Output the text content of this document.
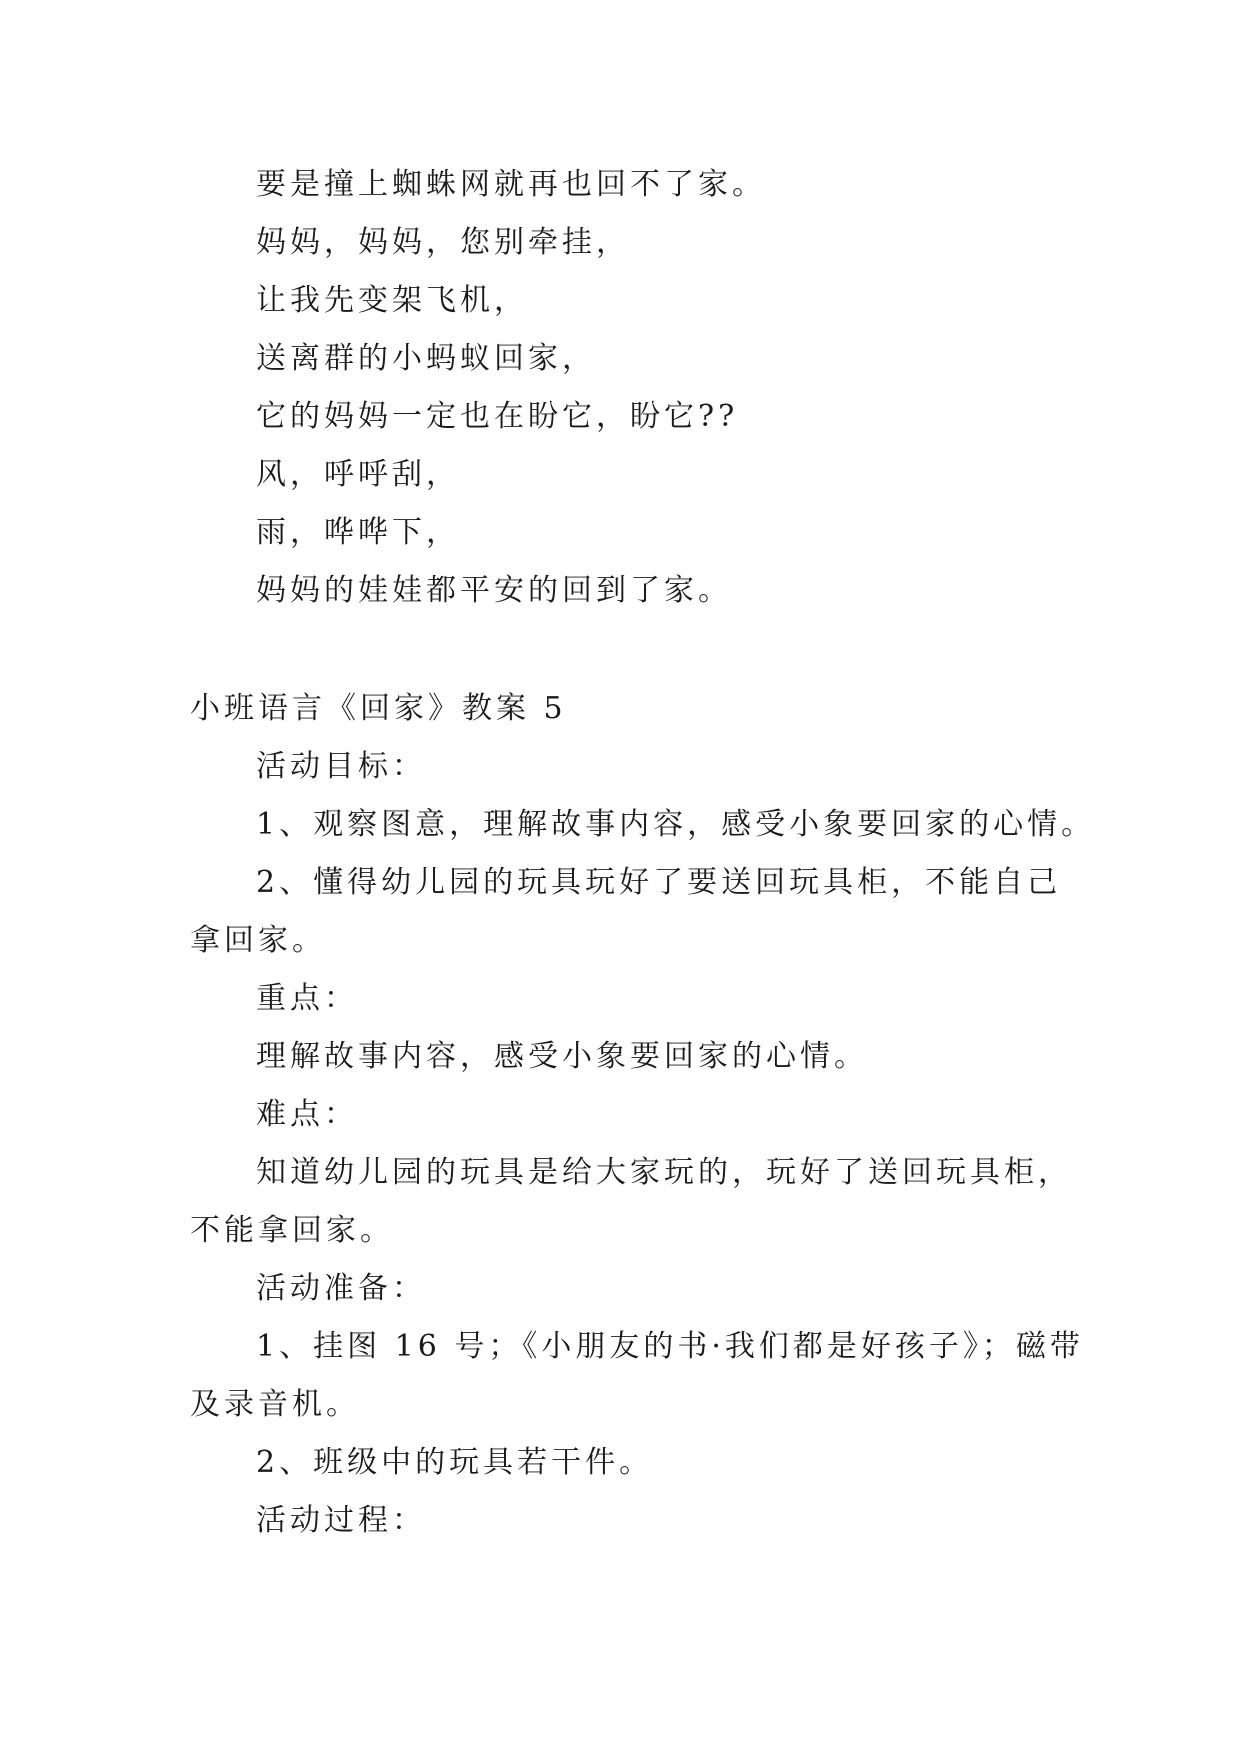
要是撞上蜘蛛网就再也回不了家。
妈妈，妈妈，您别牵挂，
让我先变架飞机，
送离群的小蚂蚁回家，
它的妈妈一定也在盼它，盼它??
风，呼呼刮，
雨，哗哗下，
妈妈的娃娃都平安的回到了家。
小班语言《回家》教案 5
活动目标：
1、观察图意，理解故事内容，感受小象要回家的心情。
2、懂得幼儿园的玩具玩好了要送回玩具柜，不能自己
拿回家。
重点：
理解故事内容，感受小象要回家的心情。
难点：
知道幼儿园的玩具是给大家玩的，玩好了送回玩具柜，
不能拿回家。
活动准备：
1、挂图 16 号；《小朋友的书·我们都是好孩子》；磁带
及录音机。
2、班级中的玩具若干件。
活动过程：
